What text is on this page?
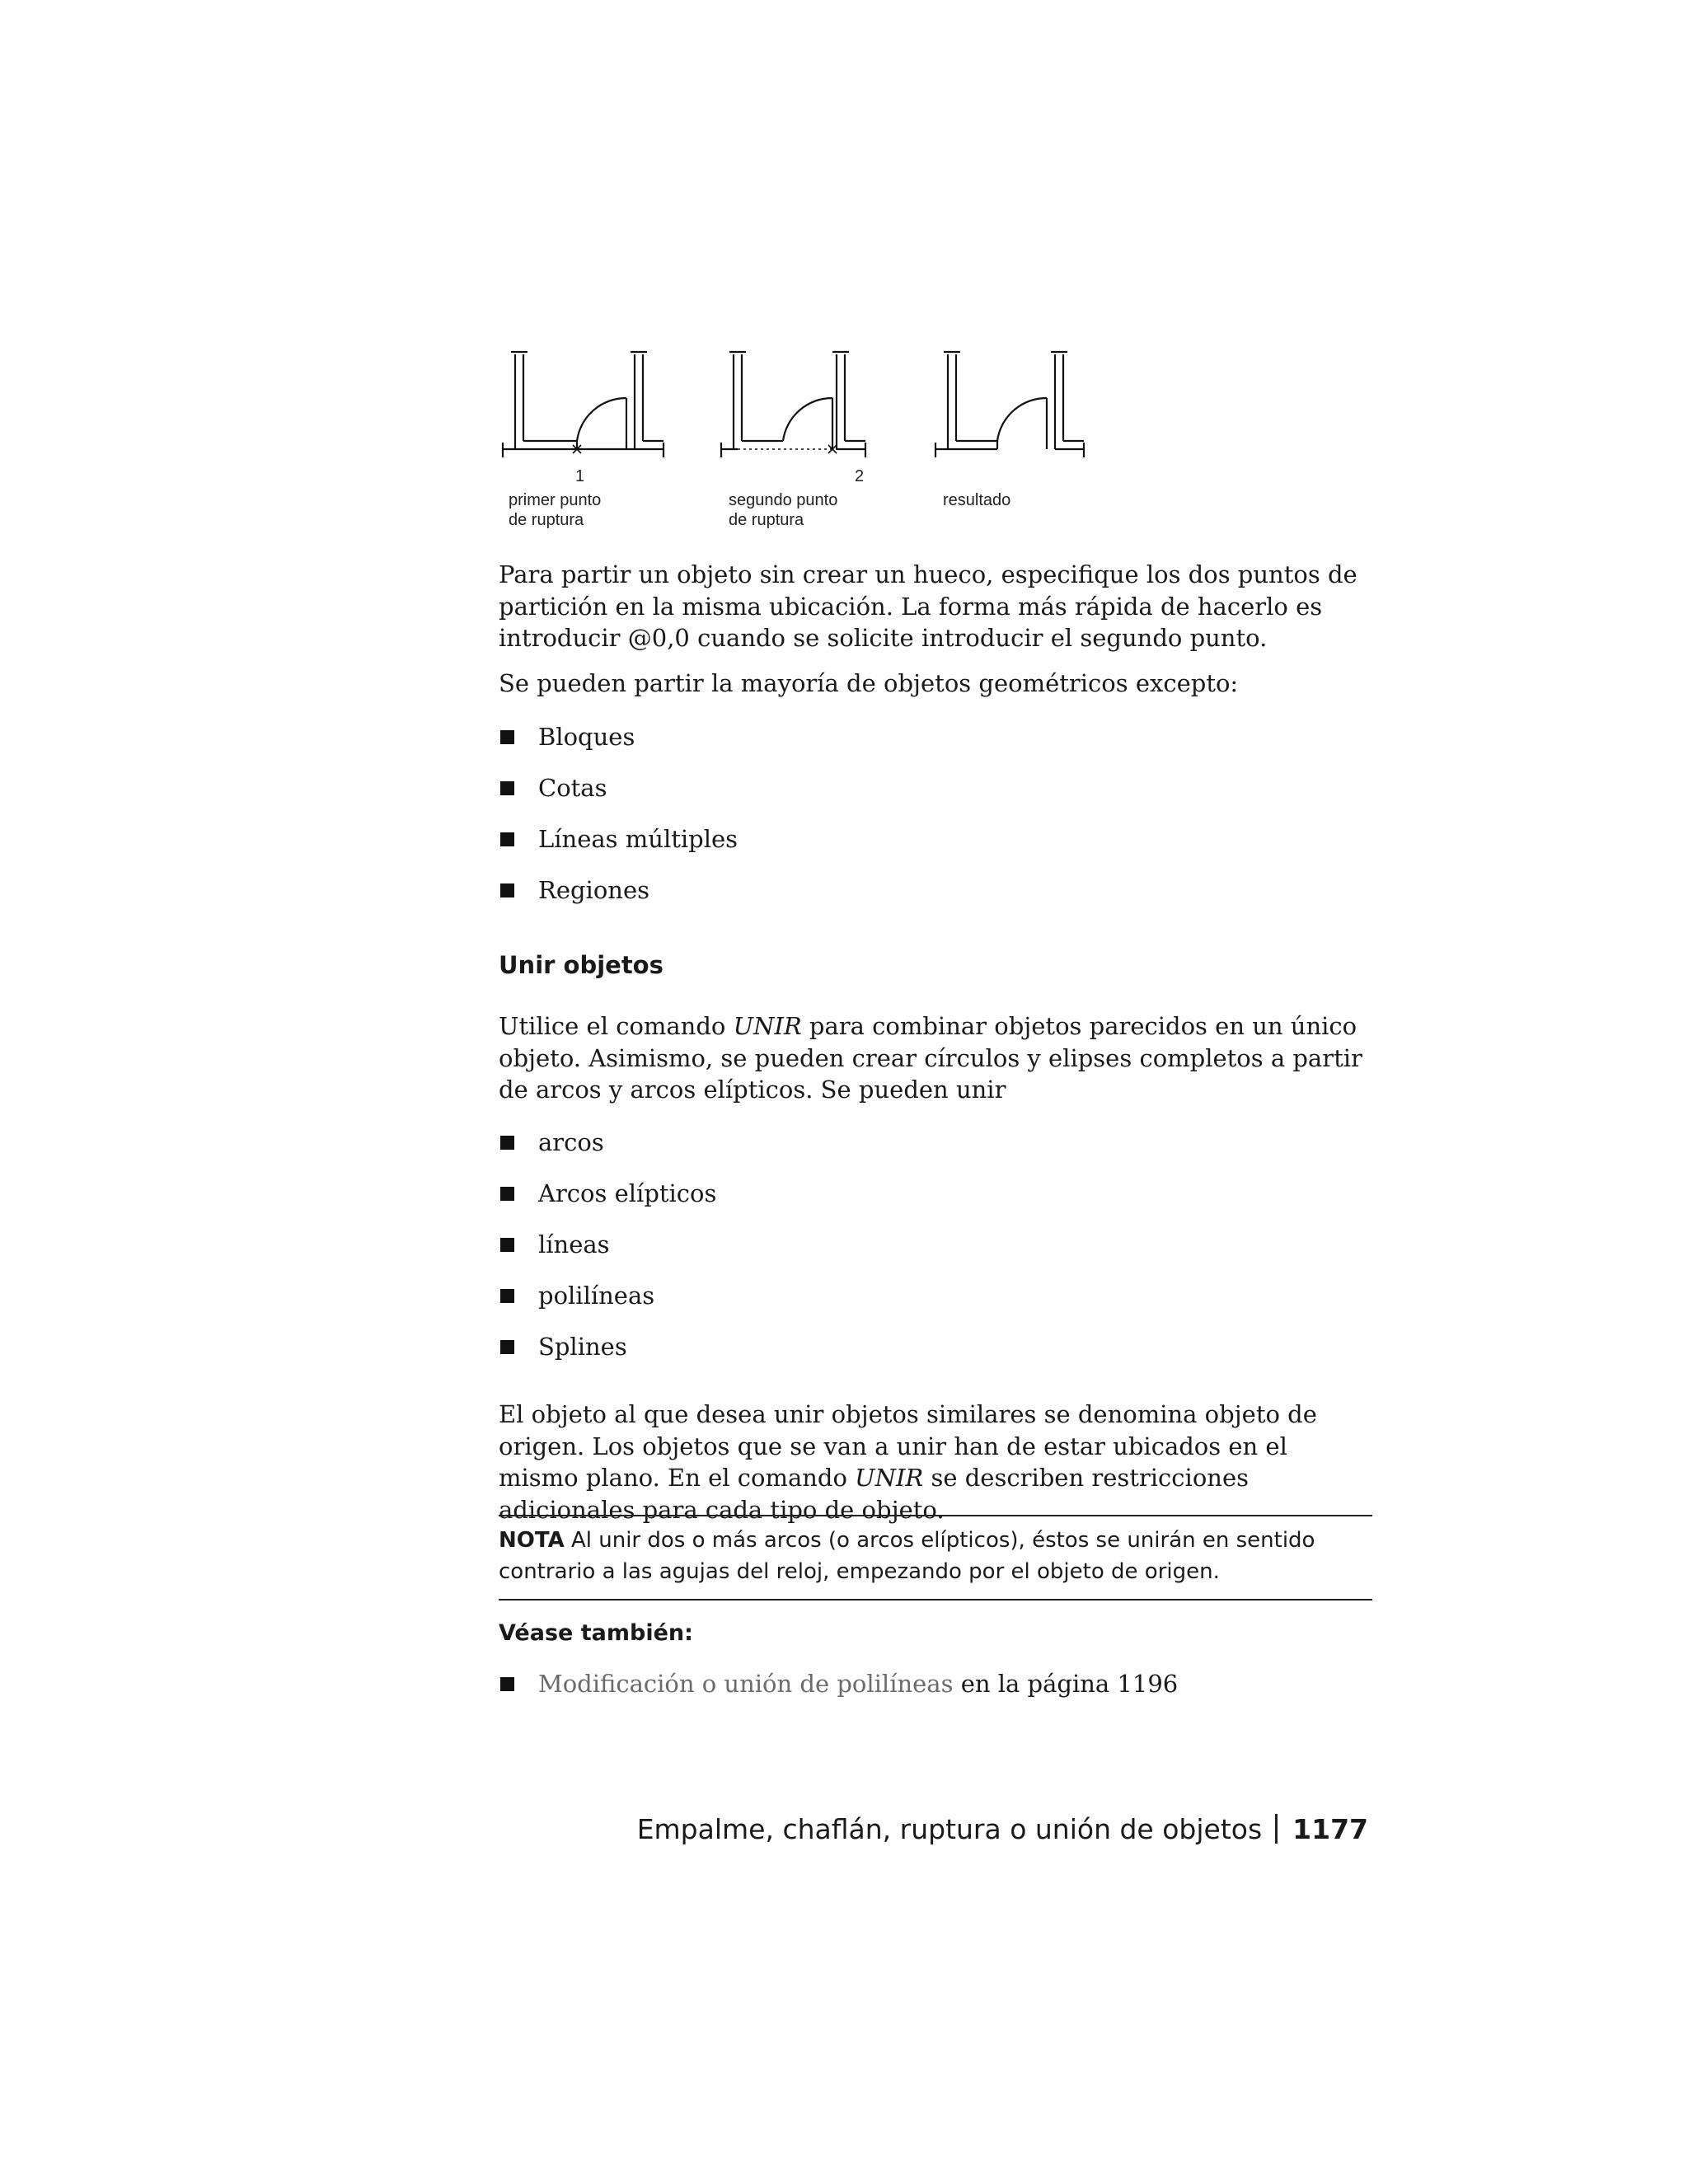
1	2
primer punto
de ruptura
segundo punto
de ruptura
resultado

Para partir un objeto sin crear un hueco, especifique los dos puntos de partición en la misma ubicación. La forma más rápida de hacerlo es introducir @0,0 cuando se solicite introducir el segundo punto.

Se pueden partir la mayoría de objetos geométricos excepto:

Bloques
Cotas
Líneas múltiples
Regiones
Unir objetos

Utilice el comando UNIR para combinar objetos parecidos en un único objeto. Asimismo, se pueden crear círculos y elipses completos a partir de arcos y arcos elípticos. Se pueden unir

arcos
Arcos elípticos
líneas
polilíneas
Splines

El objeto al que desea unir objetos similares se denomina objeto de origen. Los objetos que se van a unir han de estar ubicados en el mismo plano. En el comando UNIR se describen restricciones adicionales para cada tipo de objeto.

NOTA Al unir dos o más arcos (o arcos elípticos), éstos se unirán en sentido contrario a las agujas del reloj, empezando por el objeto de origen.
Véase también:
Modificación o unión de polilíneas en la página 1196
Empalme, chaflán, ruptura o unión de objetos 1177
